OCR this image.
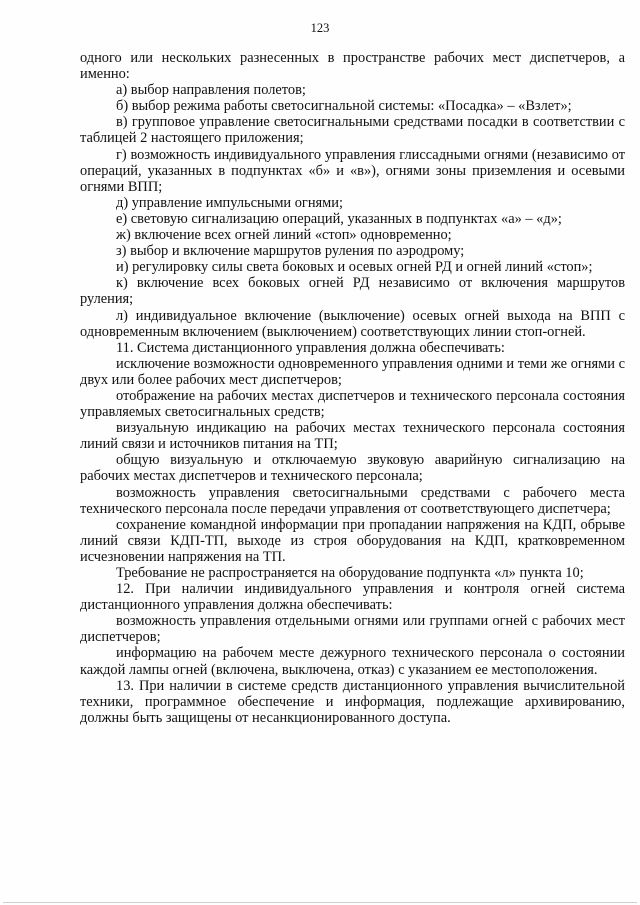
123

одного или нескольких разнесенных в пространстве рабочих мест диспетчеров, а именно:

а) выбор направления полетов;

б) выбор режима работы светосигнальной системы: «Посадка» – «Взлет»;

в) групповое управление светосигнальными средствами посадки в соответствии с таблицей 2 настоящего приложения;

г) возможность индивидуального управления глиссадными огнями (независимо от операций, указанных в подпунктах «б» и «в»), огнями зоны приземления и осевыми огнями ВПП;

д) управление импульсными огнями;

е) световую сигнализацию операций, указанных в подпунктах «а» – «д»;

ж) включение всех огней линий «стоп» одновременно;

з) выбор и включение маршрутов руления по аэродрому;

и) регулировку силы света боковых и осевых огней РД и огней линий «стоп»;

к) включение всех боковых огней РД независимо от включения маршрутов руления;

л) индивидуальное включение (выключение) осевых огней выхода на ВПП с одновременным включением (выключением) соответствующих линии стоп-огней.

11. Система дистанционного управления должна обеспечивать:

исключение возможности одновременного управления одними и теми же огнями с двух или более рабочих мест диспетчеров;

отображение на рабочих местах диспетчеров и технического персонала состояния управляемых светосигнальных средств;

визуальную индикацию на рабочих местах технического персонала состояния линий связи и источников питания на ТП;

общую визуальную и отключаемую звуковую аварийную сигнализацию на рабочих местах диспетчеров и технического персонала;

возможность управления светосигнальными средствами с рабочего места технического персонала после передачи управления от соответствующего диспетчера;

сохранение командной информации при пропадании напряжения на КДП, обрыве линий связи КДП-ТП, выходе из строя оборудования на КДП, кратковременном исчезновении напряжения на ТП.

Требование не распространяется на оборудование подпункта «л» пункта 10;

12. При наличии индивидуального управления и контроля огней система дистанционного управления должна обеспечивать:

возможность управления отдельными огнями или группами огней с рабочих мест диспетчеров;

информацию на рабочем месте дежурного технического персонала о состоянии каждой лампы огней (включена, выключена, отказ) с указанием ее местоположения.

13. При наличии в системе средств дистанционного управления вычислительной техники, программное обеспечение и информация, подлежащие архивированию, должны быть защищены от несанкционированного доступа.
